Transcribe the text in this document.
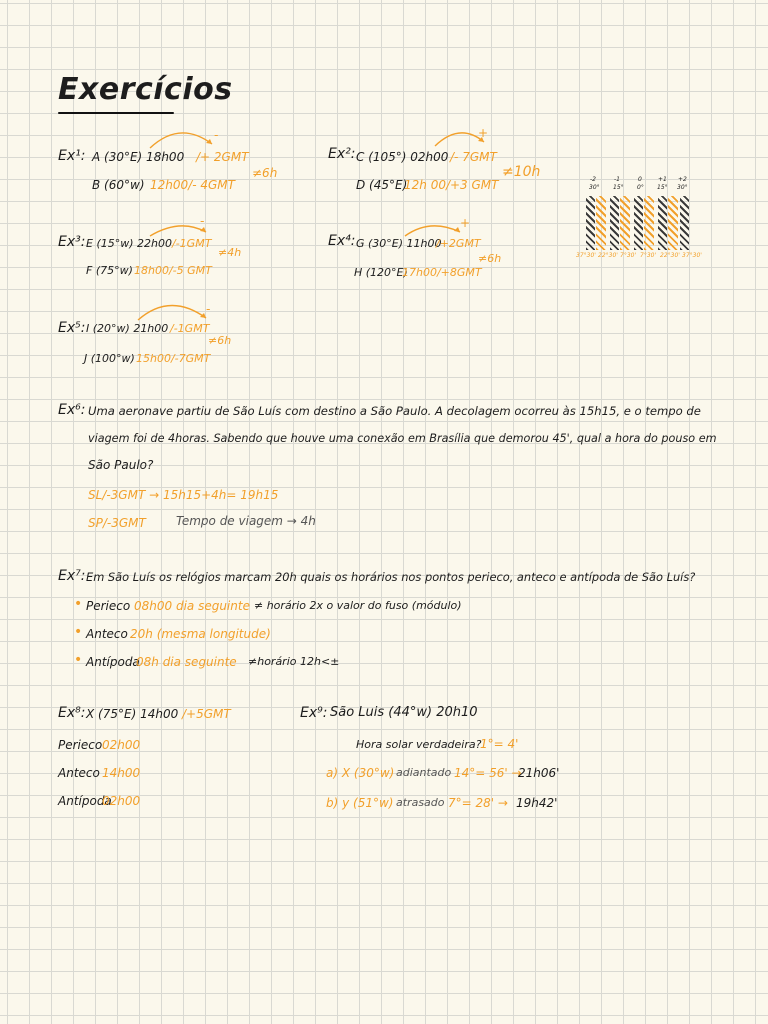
Exercícios
Ex¹: A (30°E) 18h00 /+ 2GMT
-
B (60°w) 12h00/- 4GMT
≠6h
Ex²: C (105°) 02h00 /- 7GMT
+
D (45°E)
12h 00/+3 GMT
≠10h
Ex³: E (15°w) 22h00 /-1GMT
-
F (75°w) 18h00/-5 GMT
≠4h
Ex⁴: G (30°E) 11h00
/+2GMT
+
H (120°E)
17h00/+8GMT
≠6h
Ex⁵: I (20°w) 21h00 /-1GMT
-
J (100°w) 15h00/-7GMT
≠6h
-2	-1	0	+1 +2
30° 15° 0° 15° 30°
37°30' 22°30' 7°30' 7°30' 22°30' 37°30'
Ex⁶: Uma aeronave partiu de São Luís com destino a São Paulo. A decolagem ocorreu às 15h15, e o tempo de
viagem foi de 4horas. Sabendo que houve uma conexão em Brasília que demorou 45', qual a hora do pouso em
São Paulo?
SL/-3GMT → 15h15+4h= 19h15
SP/-3GMT	Tempo de viagem → 4h
Ex⁷: Em São Luís os relógios marcam 20h quais os horários nos pontos perieco, anteco e antípoda de São Luís?
• Perieco 08h00 dia seguinte ≠ horário 2x o valor do fuso (módulo)
• Anteco 20h (mesma longitude)
• Antípoda
08h dia seguinte ≠horário 12h<±
Ex⁸: X (75°E) 14h00 /+5GMT
Perieco 02h00
Anteco 14h00
Antípoda
02h00
Ex⁹: São Luis (44°w) 20h10
Hora solar verdadeira?
1°= 4'
a) X (30°w) adiantado 14°= 56' →
21h06'
b) y (51°w) atrasado 7°= 28' → 19h42'
